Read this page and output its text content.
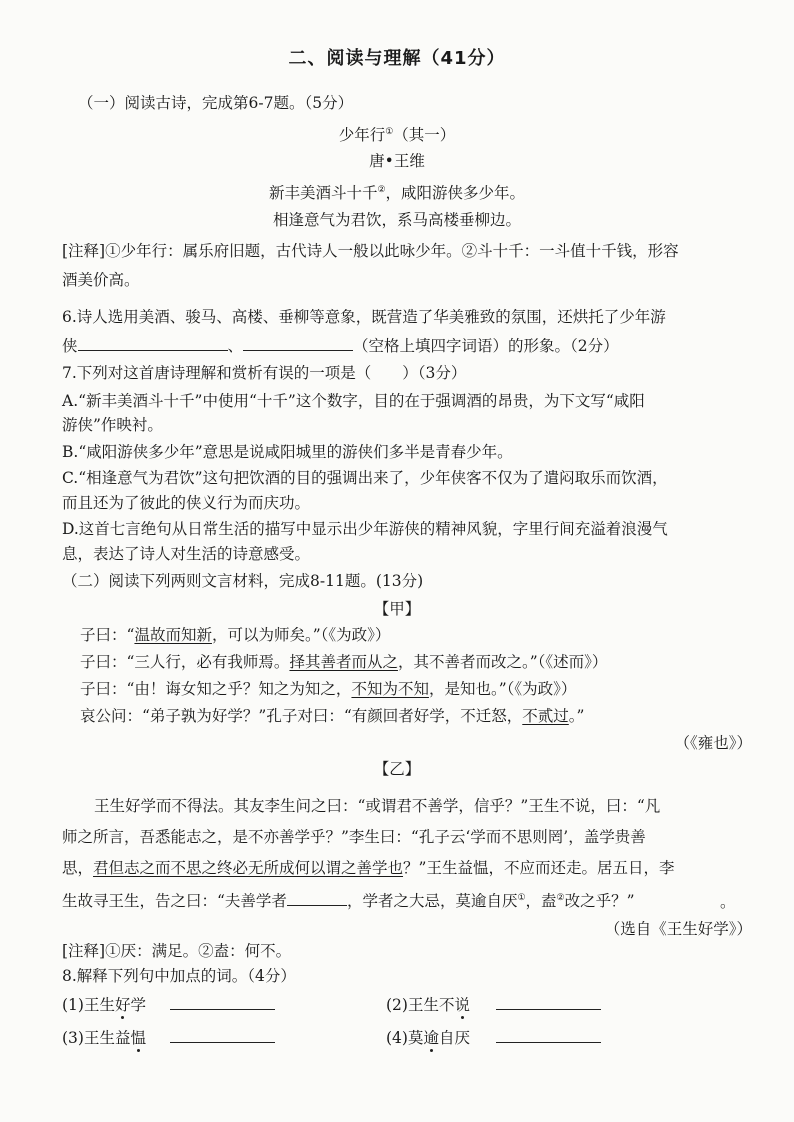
二、阅读与理解（41分）
（一）阅读古诗，完成第6-7题。（5分）
少年行①（其一）
唐•王维
新丰美酒斗十千②，咸阳游侠多少年。
相逢意气为君饮，系马高楼垂柳边。
[注释]①少年行：属乐府旧题，古代诗人一般以此咏少年。②斗十千：一斗值十千钱，形容
酒美价高。
6.诗人选用美酒、骏马、高楼、垂柳等意象，既营造了华美雅致的氛围，还烘托了少年游
侠	、	（空格上填四字词语）的形象。（2分）
7.下列对这首唐诗理解和赏析有误的一项是（　　）（3分）
A.“新丰美酒斗十千”中使用“十千”这个数字，目的在于强调酒的昂贵，为下文写“咸阳
游侠”作映衬。
B.“咸阳游侠多少年”意思是说咸阳城里的游侠们多半是青春少年。
C.“相逢意气为君饮”这句把饮酒的目的强调出来了，少年侠客不仅为了遣闷取乐而饮酒，
而且还为了彼此的侠义行为而庆功。
D.这首七言绝句从日常生活的描写中显示出少年游侠的精神风貌，字里行间充溢着浪漫气
息，表达了诗人对生活的诗意感受。
（二）阅读下列两则文言材料，完成8-11题。(13分)
【甲】
子曰：“温故而知新，可以为师矣。”（《为政》）
子曰：“三人行，必有我师焉。择其善者而从之，其不善者而改之。”（《述而》）
子曰：“由！诲女知之乎？知之为知之，不知为不知，是知也。”（《为政》）
哀公问：“弟子孰为好学？”孔子对曰：“有颜回者好学，不迁怒，不贰过。”
（《雍也》）
【乙】
王生好学而不得法。其友李生问之曰：“或谓君不善学，信乎？”王生不说，曰：“凡
师之所言，吾悉能志之，是不亦善学乎？”李生曰：“孔子云‘学而不思则罔’，盖学贵善
思，君但志之而不思之终必无所成何以谓之善学也？”王生益愠，不应而还走。居五日，李
生故寻王生，告之曰：“夫善学者	，学者之大忌，莫逾自厌①，盍②改之乎？”	。
（选自《王生好学》）
[注释]①厌：满足。②盍：何不。
8.解释下列句中加点的词。（4分）
(1)王生好学	(2)王生不说
(3)王生益愠	(4)莫逾自厌
